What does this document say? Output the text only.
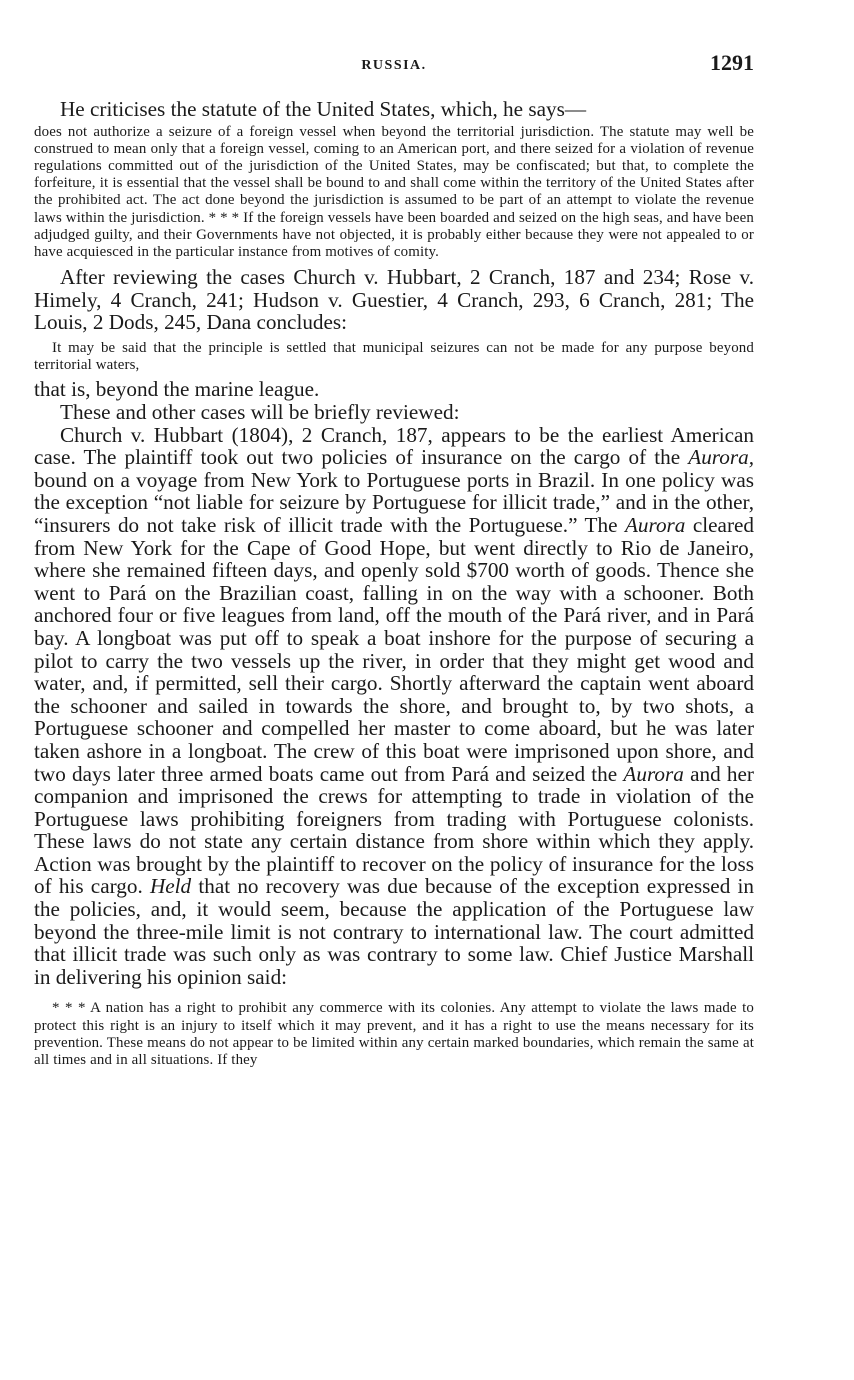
RUSSIA.	1291

He criticises the statute of the United States, which, he says—

does not authorize a seizure of a foreign vessel when beyond the territorial jurisdiction. The statute may well be construed to mean only that a foreign vessel, coming to an American port, and there seized for a violation of revenue regulations committed out of the jurisdiction of the United States, may be confiscated; but that, to complete the forfeiture, it is essential that the vessel shall be bound to and shall come within the territory of the United States after the prohibited act. The act done beyond the jurisdiction is assumed to be part of an attempt to violate the revenue laws within the jurisdiction. * * * If the foreign vessels have been boarded and seized on the high seas, and have been adjudged guilty, and their Governments have not objected, it is probably either because they were not appealed to or have acquiesced in the particular instance from motives of comity.

After reviewing the cases Church v. Hubbart, 2 Cranch, 187 and 234; Rose v. Himely, 4 Cranch, 241; Hudson v. Guestier, 4 Cranch, 293, 6 Cranch, 281; The Louis, 2 Dods, 245, Dana concludes:

It may be said that the principle is settled that municipal seizures can not be made for any purpose beyond territorial waters,

that is, beyond the marine league.

These and other cases will be briefly reviewed:

Church v. Hubbart (1804), 2 Cranch, 187, appears to be the earliest American case. The plaintiff took out two policies of insurance on the cargo of the Aurora, bound on a voyage from New York to Portuguese ports in Brazil. In one policy was the exception “not liable for seizure by Portuguese for illicit trade,” and in the other, “insurers do not take risk of illicit trade with the Portuguese.” The Aurora cleared from New York for the Cape of Good Hope, but went directly to Rio de Janeiro, where she remained fifteen days, and openly sold $700 worth of goods. Thence she went to Pará on the Brazilian coast, falling in on the way with a schooner. Both anchored four or five leagues from land, off the mouth of the Pará river, and in Pará bay. A longboat was put off to speak a boat inshore for the purpose of securing a pilot to carry the two vessels up the river, in order that they might get wood and water, and, if permitted, sell their cargo. Shortly afterward the captain went aboard the schooner and sailed in towards the shore, and brought to, by two shots, a Portuguese schooner and compelled her master to come aboard, but he was later taken ashore in a longboat. The crew of this boat were imprisoned upon shore, and two days later three armed boats came out from Pará and seized the Aurora and her companion and imprisoned the crews for attempting to trade in violation of the Portuguese laws prohibiting foreigners from trading with Portuguese colonists. These laws do not state any certain distance from shore within which they apply. Action was brought by the plaintiff to recover on the policy of insurance for the loss of his cargo. Held that no recovery was due because of the exception expressed in the policies, and, it would seem, because the application of the Portuguese law beyond the three-mile limit is not contrary to international law. The court admitted that illicit trade was such only as was contrary to some law. Chief Justice Marshall in delivering his opinion said:

* * * A nation has a right to prohibit any commerce with its colonies. Any attempt to violate the laws made to protect this right is an injury to itself which it may prevent, and it has a right to use the means necessary for its prevention. These means do not appear to be limited within any certain marked boundaries, which remain the same at all times and in all situations. If they
